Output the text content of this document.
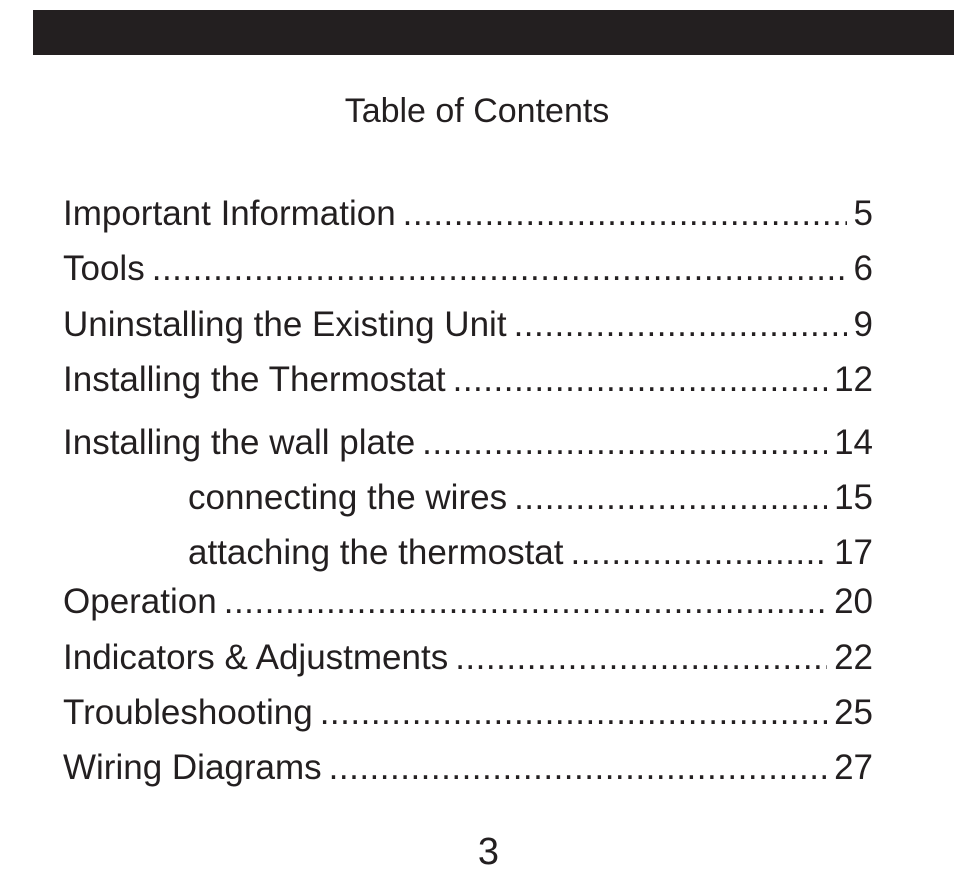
Table of Contents
Important Information .....	5
Tools .....	6
Uninstalling the Existing Unit .....	9
Installing the Thermostat .....	12
Installing the wall plate .....	14
connecting the wires .....	15
attaching the thermostat .....	17
Operation .....	20
Indicators & Adjustments .....	22
Troubleshooting .....	25
Wiring Diagrams .....	27
3
